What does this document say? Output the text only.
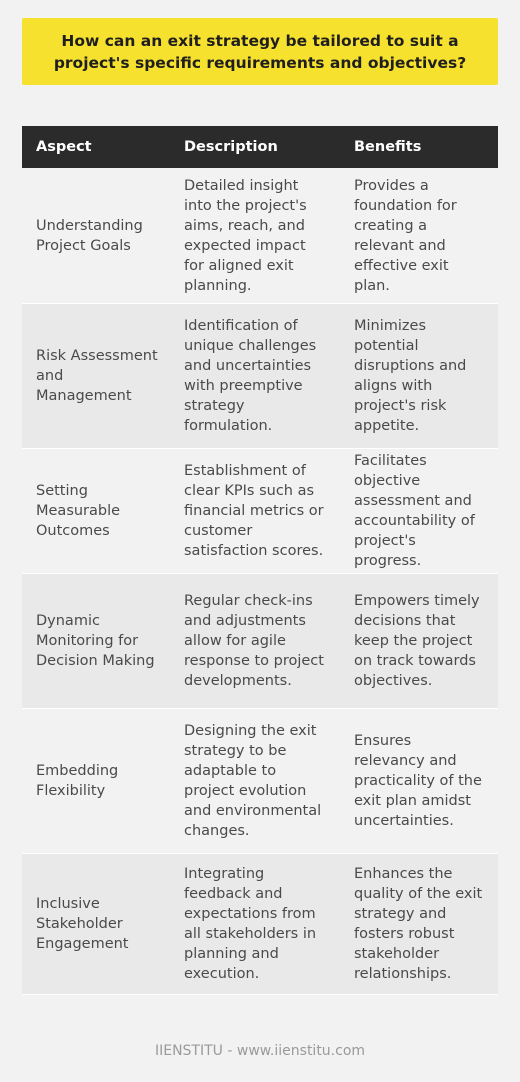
How can an exit strategy be tailored to suit a project's specific requirements and objectives?
Aspect	Description	Benefits
Understanding Project Goals	Detailed insight into the project's aims, reach, and expected impact for aligned exit planning.	Provides a foundation for creating a relevant and effective exit plan.
Risk Assessment and Management	Identification of unique challenges and uncertainties with preemptive strategy formulation.	Minimizes potential disruptions and aligns with project's risk appetite.
Setting Measurable Outcomes	Establishment of clear KPIs such as financial metrics or customer satisfaction scores.	Facilitates objective assessment and accountability of project's progress.
Dynamic Monitoring for Decision Making	Regular check-ins and adjustments allow for agile response to project developments.	Empowers timely decisions that keep the project on track towards objectives.
Embedding Flexibility	Designing the exit strategy to be adaptable to project evolution and environmental changes.	Ensures relevancy and practicality of the exit plan amidst uncertainties.
Inclusive Stakeholder Engagement	Integrating feedback and expectations from all stakeholders in planning and execution.	Enhances the quality of the exit strategy and fosters robust stakeholder relationships.
IIENSTITU - www.iienstitu.com
